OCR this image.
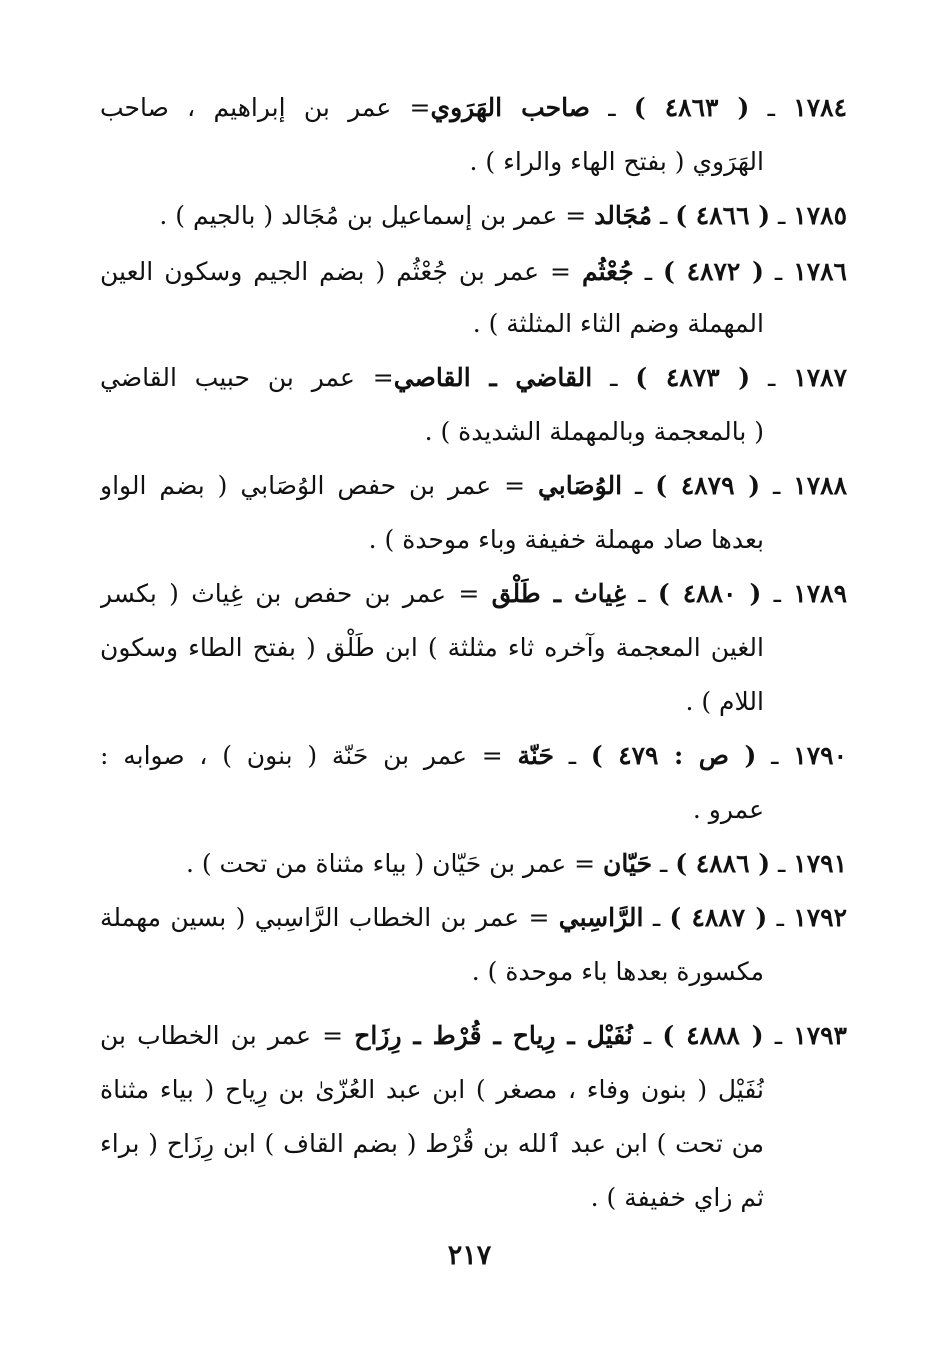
١٧٨٤ ـ ( ٤٨٦٣ ) ـ صاحب الهَرَوي= عمر بن إبراهيم ، صاحب
الهَرَوي ( بفتح الهاء والراء ) .
١٧٨٥ ـ ( ٤٨٦٦ ) ـ مُجَالد = عمر بن إسماعيل بن مُجَالد ( بالجيم ) .
١٧٨٦ ـ ( ٤٨٧٢ ) ـ جُعْثُم = عمر بن جُعْثُم ( بضم الجيم وسكون العين
المهملة وضم الثاء المثلثة ) .
١٧٨٧ ـ ( ٤٨٧٣ ) ـ القاضي ـ القاصي= عمر بن حبيب القاضي
( بالمعجمة وبالمهملة الشديدة ) .
١٧٨٨ ـ ( ٤٨٧٩ ) ـ الوُصَابي = عمر بن حفص الوُصَابي ( بضم الواو
بعدها صاد مهملة خفيفة وباء موحدة ) .
١٧٨٩ ـ ( ٤٨٨٠ ) ـ غِياث ـ طَلْق = عمر بن حفص بن غِياث ( بكسر
الغين المعجمة وآخره ثاء مثلثة ) ابن طَلْق ( بفتح الطاء وسكون
اللام ) .
١٧٩٠ ـ ( ص : ٤٧٩ ) ـ حَنّة = عمر بن حَنّة ( بنون ) ، صوابه :
عمرو .
١٧٩١ ـ ( ٤٨٨٦ ) ـ حَيّان = عمر بن حَيّان ( بياء مثناة من تحت ) .
١٧٩٢ ـ ( ٤٨٨٧ ) ـ الرَّاسِبي = عمر بن الخطاب الرَّاسِبي ( بسين مهملة
مكسورة بعدها باء موحدة ) .
١٧٩٣ ـ ( ٤٨٨٨ ) ـ نُفَيْل ـ رِياح ـ قُرْط ـ رِزَاح = عمر بن الخطاب بن
نُفَيْل ( بنون وفاء ، مصغر ) ابن عبد العُزّىٰ بن رِياح ( بياء مثناة
من تحت ) ابن عبد ٱلله بن قُرْط ( بضم القاف ) ابن رِزَاح ( براء
ثم زاي خفيفة ) .
٢١٧
